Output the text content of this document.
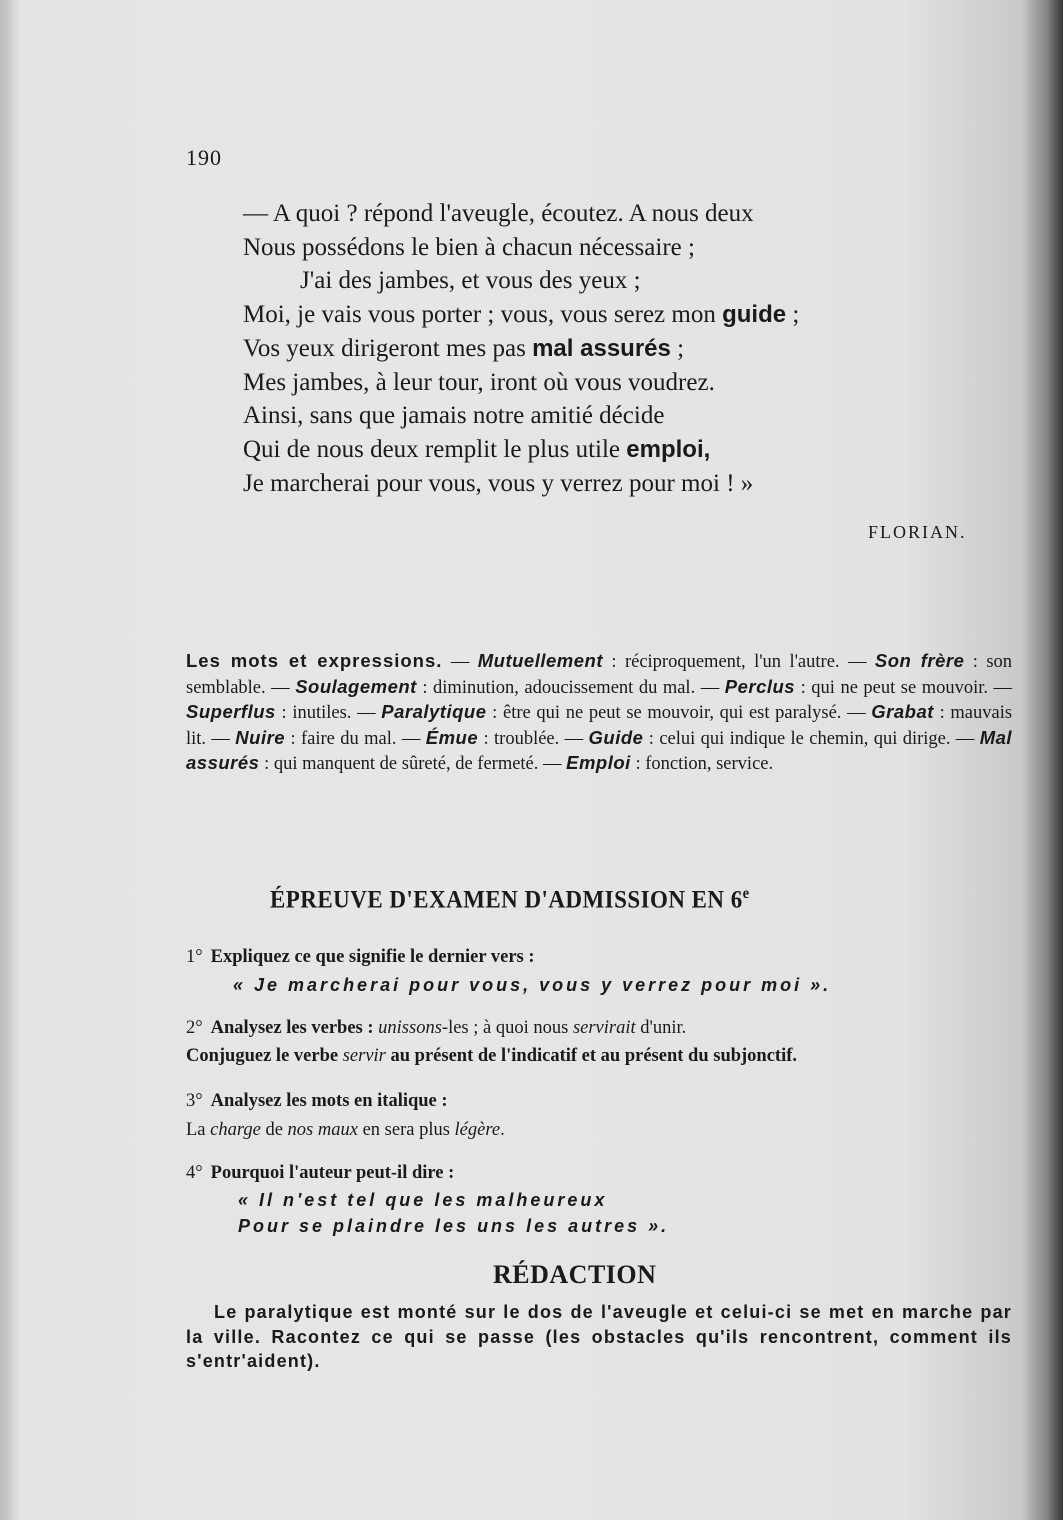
190
— A quoi ? répond l'aveugle, écoutez. A nous deux
Nous possédons le bien à chacun nécessaire ;
J'ai des jambes, et vous des yeux ;
Moi, je vais vous porter ; vous, vous serez mon guide ;
Vos yeux dirigeront mes pas mal assurés ;
Mes jambes, à leur tour, iront où vous voudrez.
Ainsi, sans que jamais notre amitié décide
Qui de nous deux remplit le plus utile emploi,
Je marcherai pour vous, vous y verrez pour moi ! »
FLORIAN.
Les mots et expressions. — Mutuellement : réciproquement, l'un l'autre. — Son frère : son semblable. — Soulagement : diminution, adoucissement du mal. — Perclus : qui ne peut se mouvoir. — Superflus : inutiles. — Paralytique : être qui ne peut se mouvoir, qui est paralysé. — Grabat : mauvais lit. — Nuire : faire du mal. — Émue : troublée. — Guide : celui qui indique le chemin, qui dirige. — Mal assurés : qui manquent de sûreté, de fermeté. — Emploi : fonction, service.
ÉPREUVE D'EXAMEN D'ADMISSION EN 6e
1° Expliquez ce que signifie le dernier vers :
« Je marcherai pour vous, vous y verrez pour moi ».
2° Analysez les verbes : unissons-les ; à quoi nous servirait d'unir.
Conjuguez le verbe servir au présent de l'indicatif et au présent du subjonctif.
3° Analysez les mots en italique :
La charge de nos maux en sera plus légère.
4° Pourquoi l'auteur peut-il dire :
« Il n'est tel que les malheureux
Pour se plaindre les uns les autres ».
RÉDACTION
Le paralytique est monté sur le dos de l'aveugle et celui-ci se met en marche par la ville. Racontez ce qui se passe (les obstacles qu'ils rencontrent, comment ils s'entr'aident).
